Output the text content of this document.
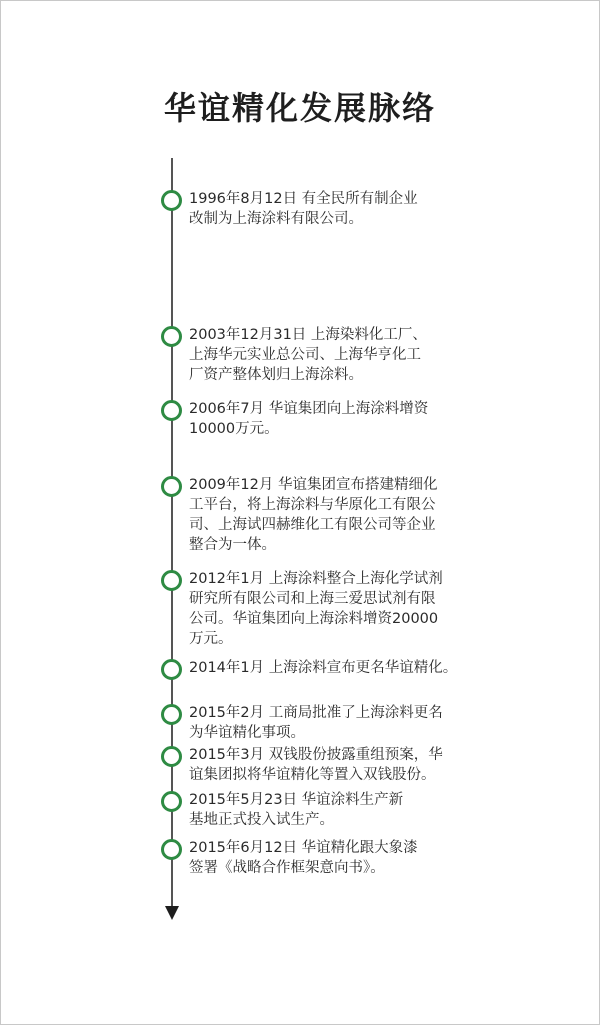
华谊精化发展脉络
1996年8月12日 有全民所有制企业
改制为上海涂料有限公司。
2003年12月31日 上海染料化工厂、
上海华元实业总公司、上海华亨化工
厂资产整体划归上海涂料。
2006年7月 华谊集团向上海涂料增资
10000万元。
2009年12月 华谊集团宣布搭建精细化
工平台，将上海涂料与华原化工有限公
司、上海试四赫维化工有限公司等企业
整合为一体。
2012年1月 上海涂料整合上海化学试剂
研究所有限公司和上海三爱思试剂有限
公司。华谊集团向上海涂料增资20000
万元。
2014年1月 上海涂料宣布更名华谊精化。
2015年2月 工商局批准了上海涂料更名
为华谊精化事项。
2015年3月 双钱股份披露重组预案，华
谊集团拟将华谊精化等置入双钱股份。
2015年5月23日 华谊涂料生产新
基地正式投入试生产。
2015年6月12日 华谊精化跟大象漆
签署《战略合作框架意向书》。
